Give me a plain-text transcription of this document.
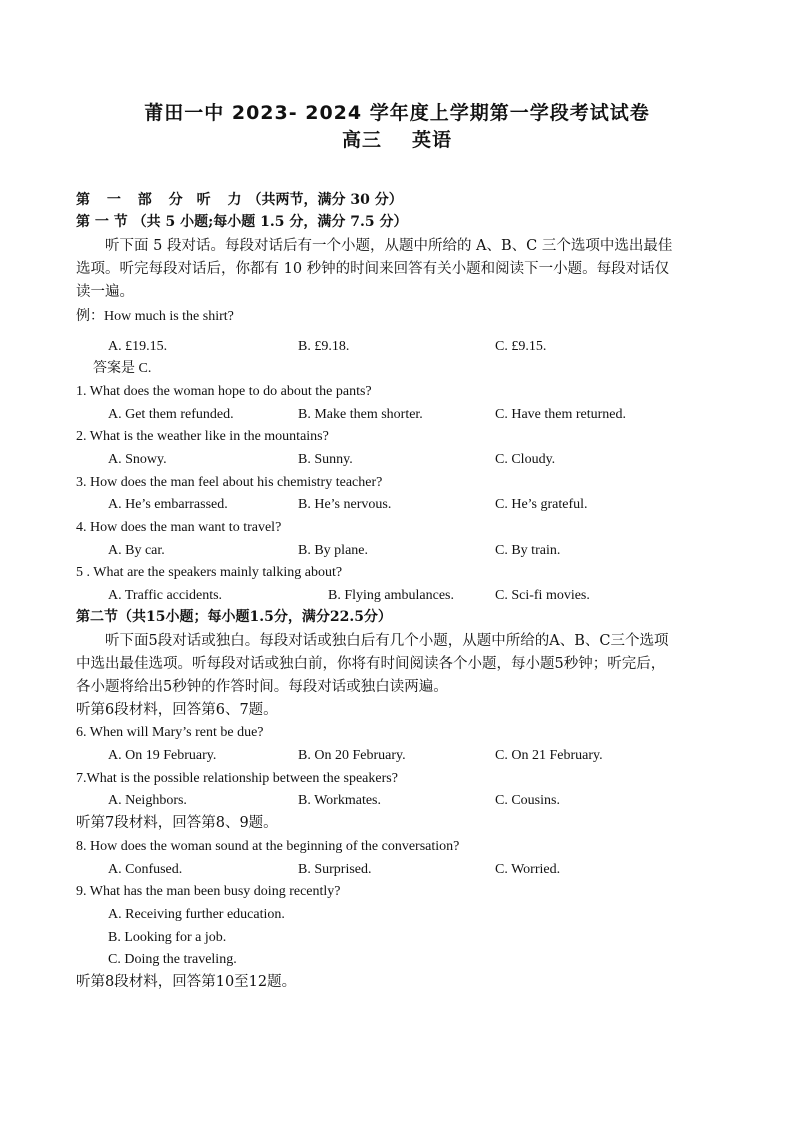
莆田一中 2023- 2024 学年度上学期第一学段考试试卷
高三 英语
第 一 部 分 听 力（共两节，满分 30 分）
第 一 节 （共 5 小题;每小题 1.5 分，满分 7.5 分）
听下面 5 段对话。每段对话后有一个小题，从题中所给的 A、B、C 三个选项中选出最佳
选项。听完每段对话后，你都有 10 秒钟的时间来回答有关小题和阅读下一小题。每段对话仅
读一遍。
例：How much is the shirt?
A. £19.15.	B. £9.18.	C. £9.15.
答案是 C.
1. What does the woman hope to do about the pants?
A. Get them refunded.	B. Make them shorter.	C. Have them returned.
2. What is the weather like in the mountains?
A. Snowy.	B. Sunny.	C. Cloudy.
3. How does the man feel about his chemistry teacher?
A. He’s embarrassed.	B. He’s nervous.	C. He’s grateful.
4. How does the man want to travel?
A. By car.	B. By plane.	C. By train.
5 . What are the speakers mainly talking about?
A. Traffic accidents.	B. Flying ambulances.	C. Sci-fi movies.
第二节（共15小题；每小题1.5分，满分22.5分）
听下面5段对话或独白。每段对话或独白后有几个小题，从题中所给的A、B、C三个选项
中选出最佳选项。听每段对话或独白前，你将有时间阅读各个小题，每小题5秒钟；听完后，
各小题将给出5秒钟的作答时间。每段对话或独白读两遍。
听第6段材料，回答第6、7题。
6. When will Mary’s rent be due?
A. On 19 February.	B. On 20 February.	C. On 21 February.
7.What is the possible relationship between the speakers?
A. Neighbors.	B. Workmates.	C. Cousins.
听第7段材料，回答第8、9题。
8. How does the woman sound at the beginning of the conversation?
A. Confused.	B. Surprised.	C. Worried.
9. What has the man been busy doing recently?
A. Receiving further education.
B. Looking for a job.
C. Doing the traveling.
听第8段材料，回答第10至12题。
